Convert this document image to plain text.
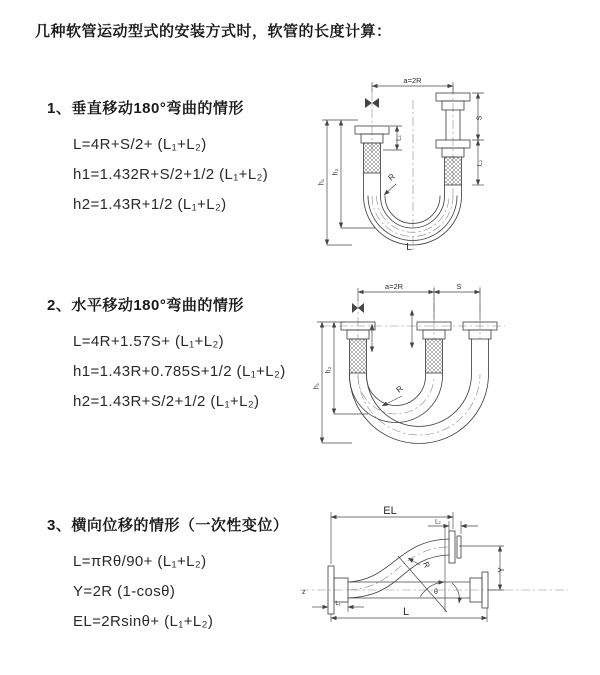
几种软管运动型式的安装方式时，软管的长度计算：
1、垂直移动180°弯曲的情形
L=4R+S/2+ (L₁+L₂)
h1=1.432R+S/2+1/2 (L₁+L₂)
h2=1.43R+1/2 (L₁+L₂)
2、水平移动180°弯曲的情形
L=4R+1.57S+ (L₁+L₂)
h1=1.43R+0.785S+1/2 (L₁+L₂)
h2=1.43R+S/2+1/2 (L₁+L₂)
3、横向位移的情形（一次性变位）
L=πRθ/90+ (L₁+L₂)
Y=2R (1-cosθ)
EL=2Rsinθ+ (L₁+L₂)
a=2R
S
L₂
L₁
h₁
h₂	R
L
a=2R	S
h₁
h₂
R
z
EL
L₂
Y
L
L₁
θ
R
